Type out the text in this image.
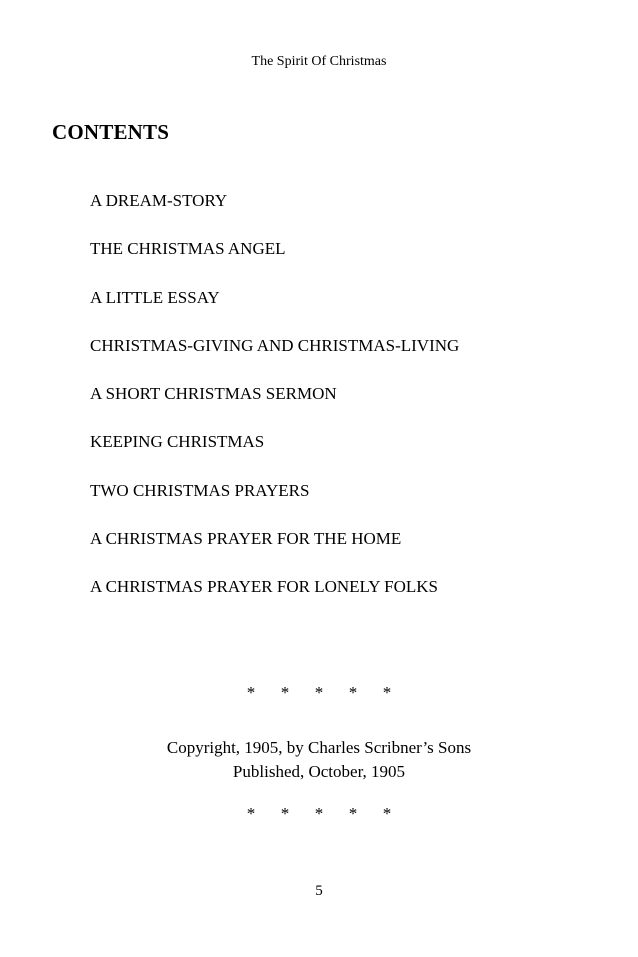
The Spirit Of Christmas
CONTENTS
A DREAM-STORY
THE CHRISTMAS ANGEL
A LITTLE ESSAY
CHRISTMAS-GIVING AND CHRISTMAS-LIVING
A SHORT CHRISTMAS SERMON
KEEPING CHRISTMAS
TWO CHRISTMAS PRAYERS
A CHRISTMAS PRAYER FOR THE HOME
A CHRISTMAS PRAYER FOR LONELY FOLKS
*      *      *      *      *
Copyright, 1905, by Charles Scribner’s Sons
Published, October, 1905
*      *      *      *      *
5
